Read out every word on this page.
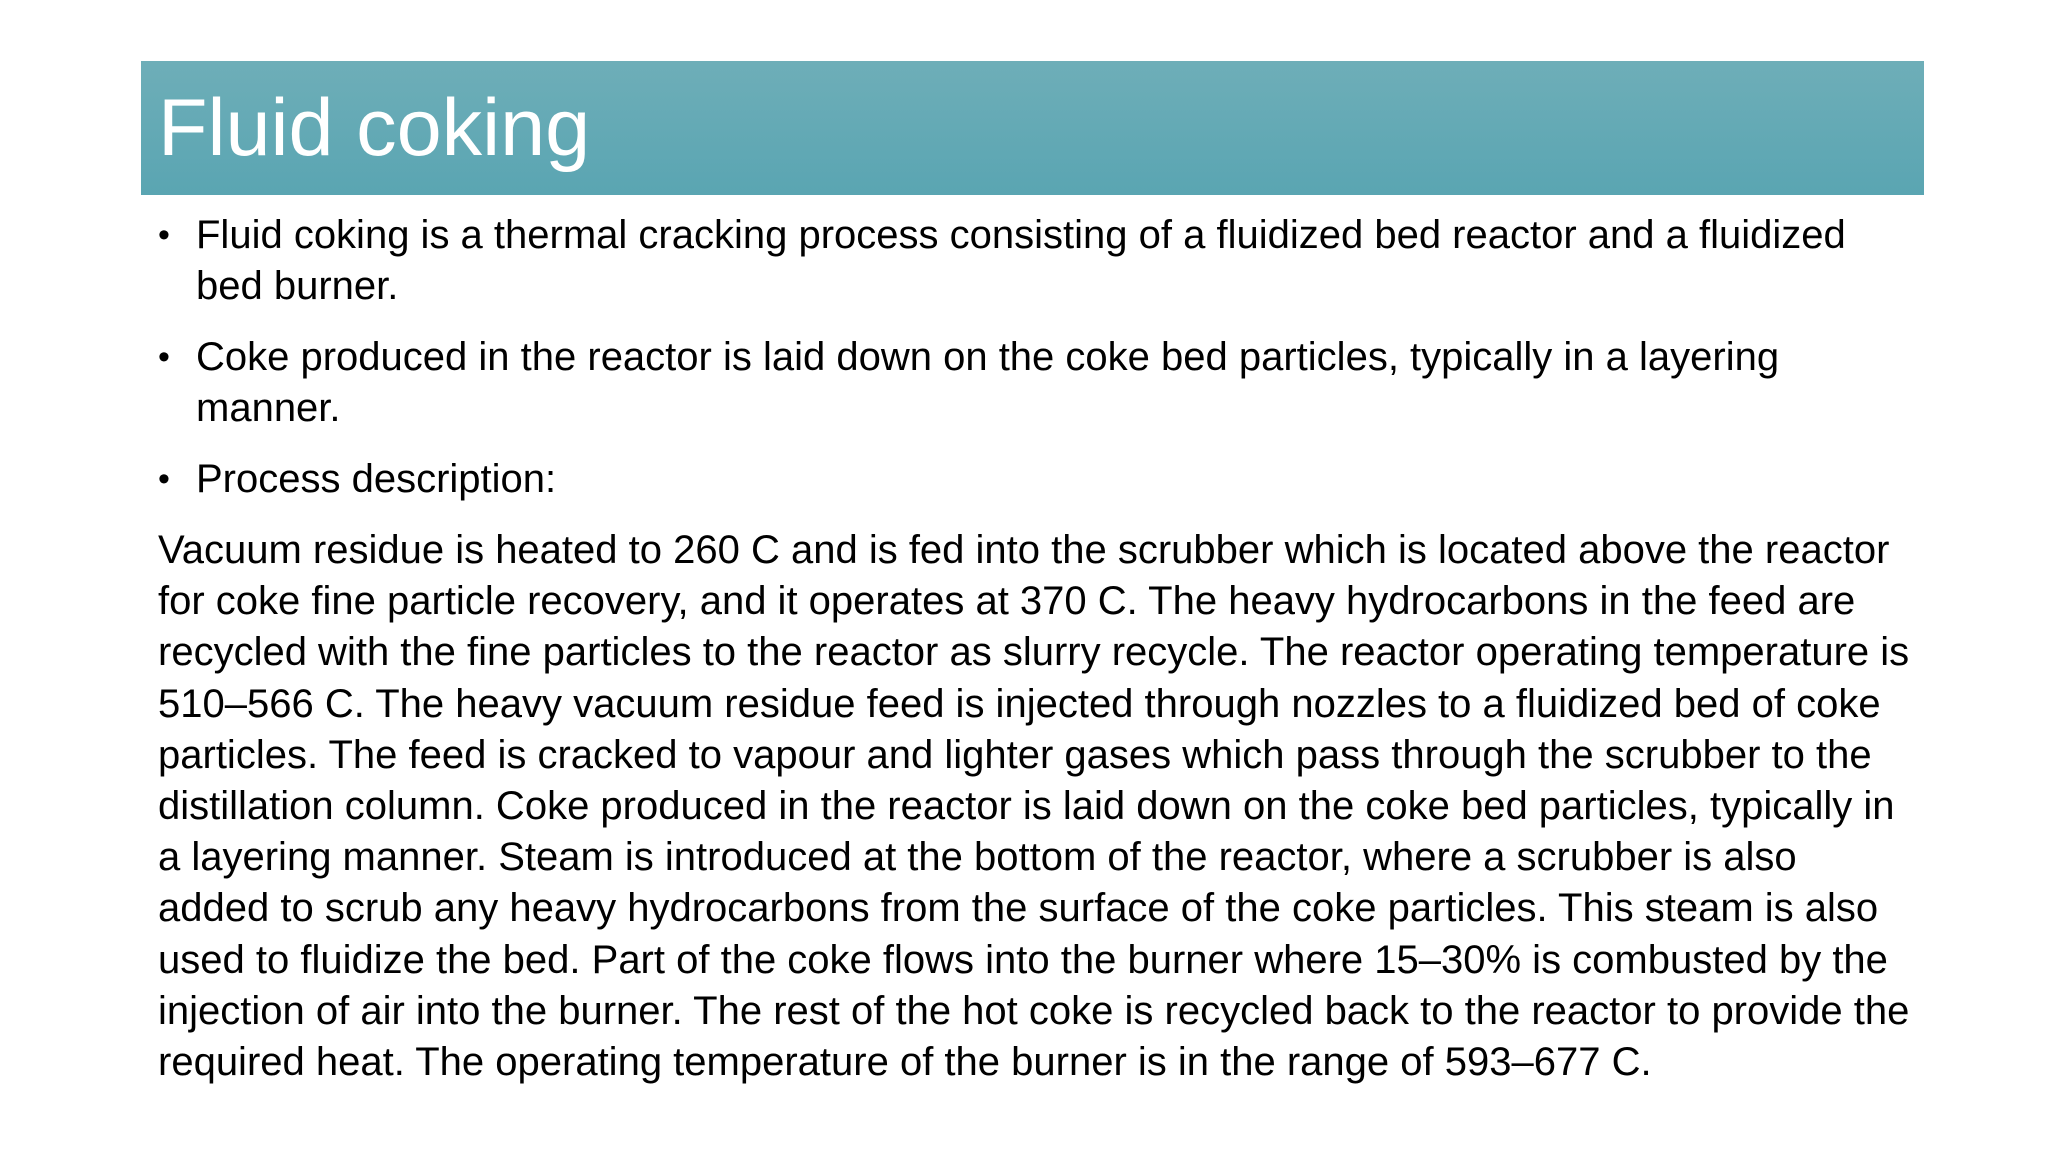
Fluid coking
• Fluid coking is a thermal cracking process consisting of a fluidized bed reactor and a fluidized bed burner.
• Coke produced in the reactor is laid down on the coke bed particles, typically in a layering manner.
• Process description:

Vacuum residue is heated to 260 C and is fed into the scrubber which is located above the reactor for coke fine particle recovery, and it operates at 370 C. The heavy hydrocarbons in the feed are recycled with the fine particles to the reactor as slurry recycle. The reactor operating temperature is 510–566 C. The heavy vacuum residue feed is injected through nozzles to a fluidized bed of coke particles. The feed is cracked to vapour and lighter gases which pass through the scrubber to the distillation column. Coke produced in the reactor is laid down on the coke bed particles, typically in a layering manner. Steam is introduced at the bottom of the reactor, where a scrubber is also added to scrub any heavy hydrocarbons from the surface of the coke particles. This steam is also used to fluidize the bed. Part of the coke flows into the burner where 15–30% is combusted by the injection of air into the burner. The rest of the hot coke is recycled back to the reactor to provide the required heat. The operating temperature of the burner is in the range of 593–677 C.
